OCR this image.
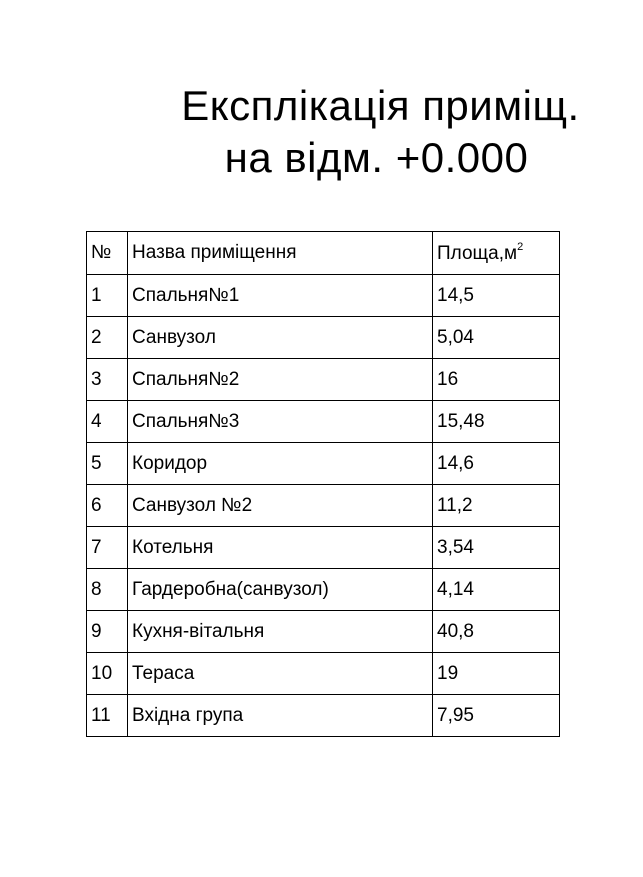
Експлікація приміщ.
на відм. +0.000
№	Назва приміщення	$Площа,м^2$
1	Спальня№1	14,5
2	Санвузол	5,04
3	Спальня№2	16
4	Спальня№3	15,48
5	Коридор	14,6
6	Санвузол №2	11,2
7	Котельня	3,54
8	Гардеробна(санвузол)	4,14
9	Кухня-вітальня	40,8
10	Тераса	19
11	Вхідна група	7,95
